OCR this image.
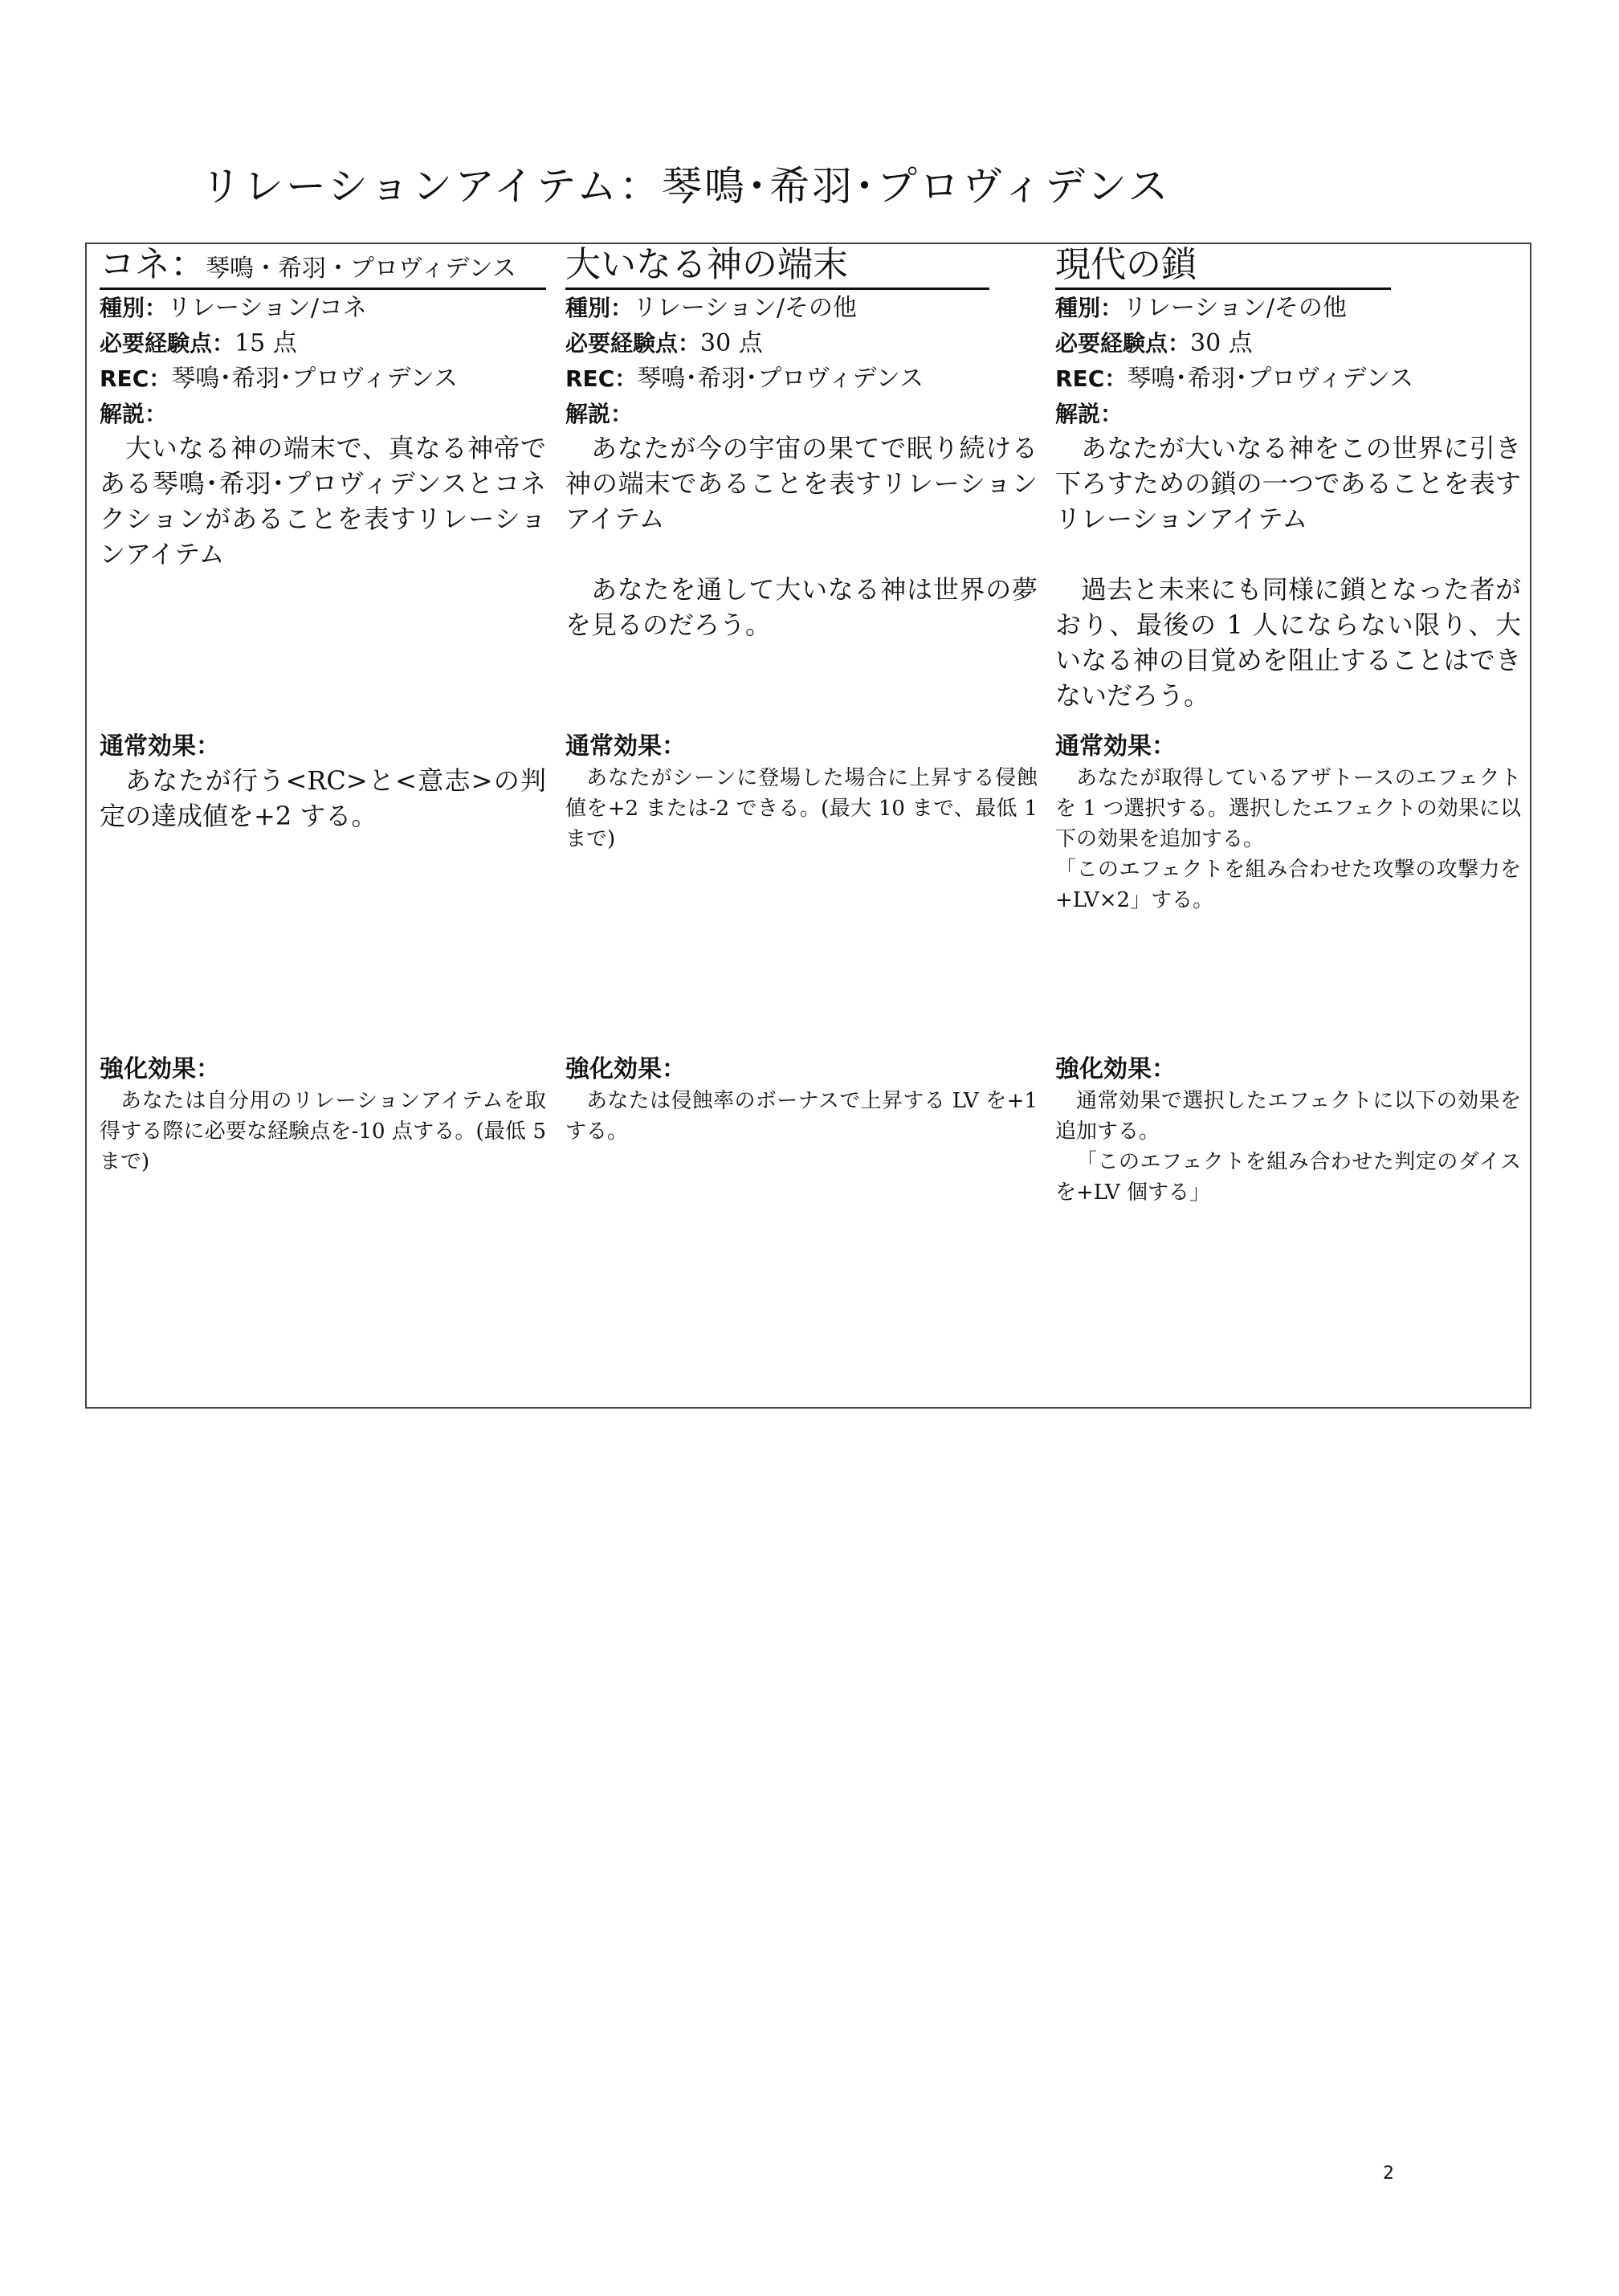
リレーションアイテム：琴鳴･希羽･プロヴィデンス
コネ：琴鳴・希羽・プロヴィデンス
種別：リレーション/コネ
必要経験点：15 点
REC：琴鳴･希羽･プロヴィデンス
解説：

大いなる神の端末で、真なる神帝である琴鳴･希羽･プロヴィデンスとコネクションがあることを表すリレーションアイテム

通常効果：

あなたが行う<RC>と<意志>の判定の達成値を+2 する。

強化効果：

あなたは自分用のリレーションアイテムを取得する際に必要な経験点を-10 点する。(最低 5 まで)

大いなる神の端末
種別：リレーション/その他
必要経験点：30 点
REC：琴鳴･希羽･プロヴィデンス
解説：

あなたが今の宇宙の果てで眠り続ける神の端末であることを表すリレーションアイテム

あなたを通して大いなる神は世界の夢を見るのだろう。

通常効果：

あなたがシーンに登場した場合に上昇する侵蝕値を+2 または-2 できる。(最大 10 まで、最低 1 まで)

強化効果：

あなたは侵蝕率のボーナスで上昇する LV を+1 する。

現代の鎖
種別：リレーション/その他
必要経験点：30 点
REC：琴鳴･希羽･プロヴィデンス
解説：

あなたが大いなる神をこの世界に引き下ろすための鎖の一つであることを表すリレーションアイテム

過去と未来にも同様に鎖となった者がおり、最後の 1 人にならない限り、大いなる神の目覚めを阻止することはできないだろう。

通常効果：

あなたが取得しているアザトースのエフェクトを 1 つ選択する。選択したエフェクトの効果に以下の効果を追加する。

「このエフェクトを組み合わせた攻撃の攻撃力を+LV×2」する。

強化効果：

通常効果で選択したエフェクトに以下の効果を追加する。

「このエフェクトを組み合わせた判定のダイスを+LV 個する」

2
